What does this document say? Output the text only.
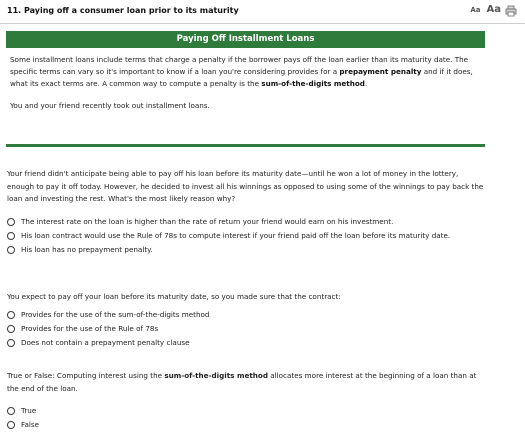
11. Paying off a consumer loan prior to its maturity	Aa Aa
Paying Off Installment Loans
Some installment loans include terms that charge a penalty if the borrower pays off the loan earlier than its maturity date. The specific terms can vary so it's important to know if a loan you're considering provides for a prepayment penalty and if it does, what its exact terms are. A common way to compute a penalty is the sum-of-the-digits method.
You and your friend recently took out installment loans.
Your friend didn't anticipate being able to pay off his loan before its maturity date—until he won a lot of money in the lottery, enough to pay it off today. However, he decided to invest all his winnings as opposed to using some of the winnings to pay back the loan and investing the rest. What's the most likely reason why?
The interest rate on the loan is higher than the rate of return your friend would earn on his investment.
His loan contract would use the Rule of 78s to compute interest if your friend paid off the loan before its maturity date.
His loan has no prepayment penalty.
You expect to pay off your loan before its maturity date, so you made sure that the contract:
Provides for the use of the sum-of-the-digits method
Provides for the use of the Rule of 78s
Does not contain a prepayment penalty clause
True or False: Computing interest using the sum-of-the-digits method allocates more interest at the beginning of a loan than at the end of the loan.
True
False
